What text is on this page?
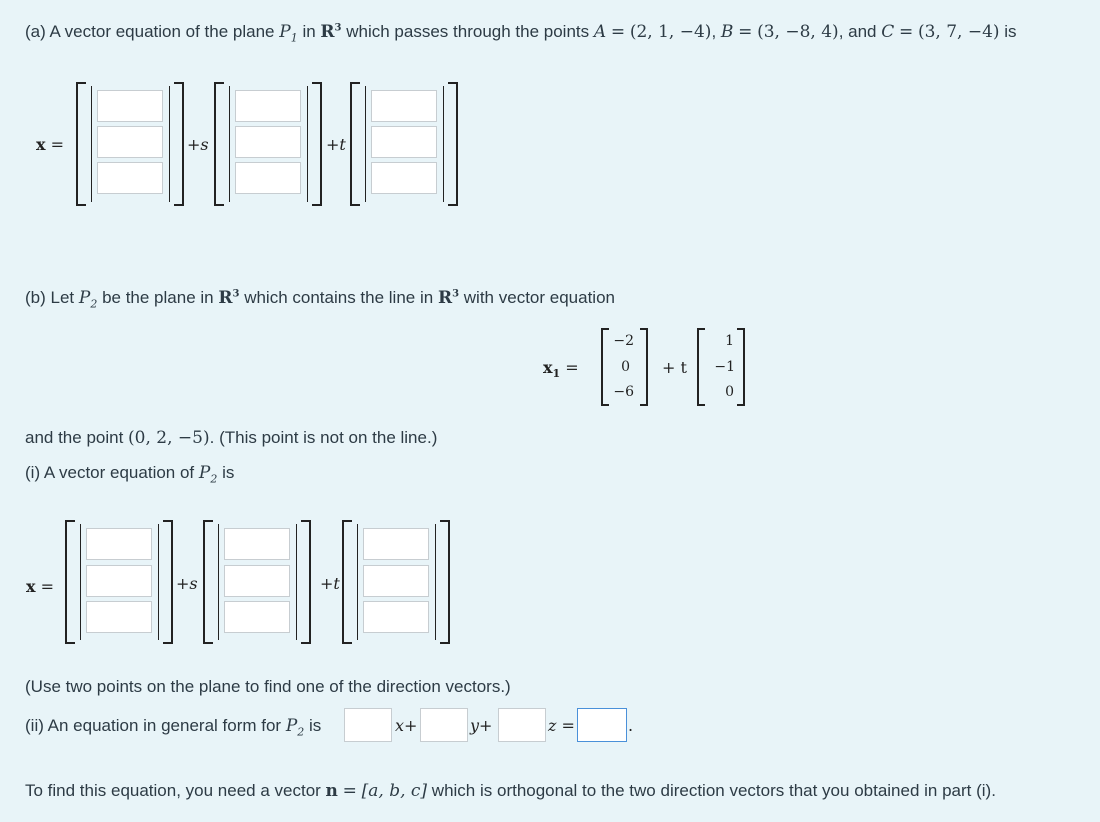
(a) A vector equation of the plane $P_1$ in $R^3$ which passes through the points A = (2, 1, −4), B = (3, −8, 4), and C = (3, 7, −4) is
x =	+s	+t
(b) Let $P_2$ be the plane in $R^3$ which contains the line in $R^3$ with vector equation
$x_1$ =
−2
0
−6
+ t
1
−1
0
and the point (0, 2, −5). (This point is not on the line.)
(i) A vector equation of $P_2$ is
x =	+s	+t
(Use two points on the plane to find one of the direction vectors.)
(ii) An equation in general form for $P_2$ is	x+	y+	z =	.
To find this equation, you need a vector n = [a, b, c] which is orthogonal to the two direction vectors that you obtained in part (i).
